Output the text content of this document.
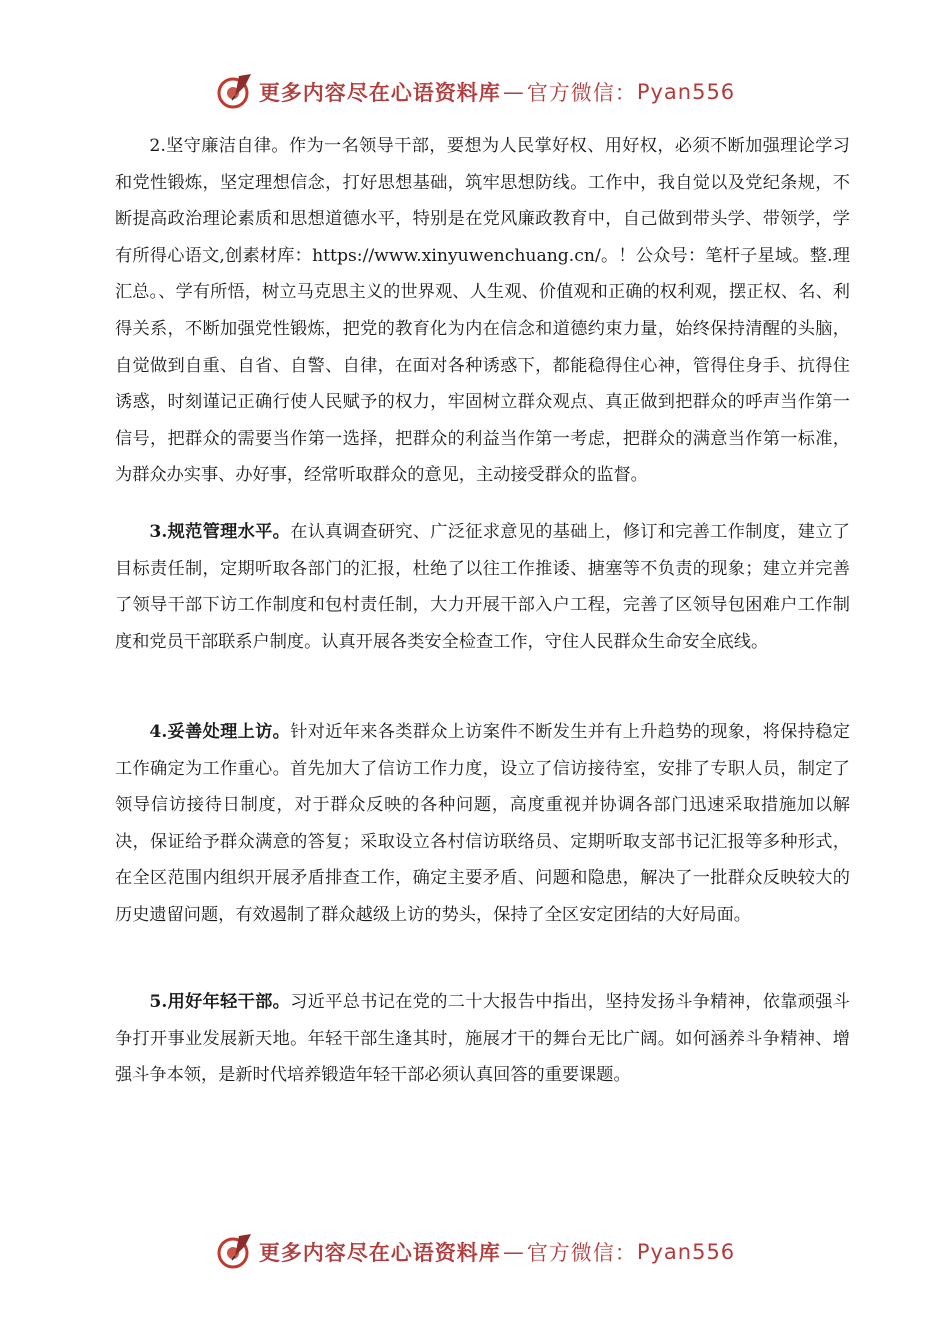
更多内容尽在心语资料库 — 官方微信： Pyan556

2.坚守廉洁自律。作为一名领导干部，要想为人民掌好权、用好权，必须不断加强理论学习和党性锻炼，坚定理想信念，打好思想基础，筑牢思想防线。工作中，我自觉以及党纪条规，不断提高政治理论素质和思想道德水平，特别是在党风廉政教育中，自己做到带头学、带领学，学有所得心语文,创素材库：https://www.xinyuwenchuang.cn/。！公众号：笔杆子星域。整.理汇总。、学有所悟，树立马克思主义的世界观、人生观、价值观和正确的权利观，摆正权、名、利得关系，不断加强党性锻炼，把党的教育化为内在信念和道德约束力量，始终保持清醒的头脑，自觉做到自重、自省、自警、自律，在面对各种诱惑下，都能稳得住心神，管得住身手、抗得住诱惑，时刻谨记正确行使人民赋予的权力，牢固树立群众观点、真正做到把群众的呼声当作第一信号，把群众的需要当作第一选择，把群众的利益当作第一考虑，把群众的满意当作第一标准，为群众办实事、办好事，经常听取群众的意见，主动接受群众的监督。

3.规范管理水平。在认真调查研究、广泛征求意见的基础上，修订和完善工作制度，建立了目标责任制，定期听取各部门的汇报，杜绝了以往工作推诿、搪塞等不负责的现象；建立并完善了领导干部下访工作制度和包村责任制，大力开展干部入户工程，完善了区领导包困难户工作制度和党员干部联系户制度。认真开展各类安全检查工作，守住人民群众生命安全底线。

4.妥善处理上访。针对近年来各类群众上访案件不断发生并有上升趋势的现象，将保持稳定工作确定为工作重心。首先加大了信访工作力度，设立了信访接待室，安排了专职人员，制定了领导信访接待日制度，对于群众反映的各种问题，高度重视并协调各部门迅速采取措施加以解决，保证给予群众满意的答复；采取设立各村信访联络员、定期听取支部书记汇报等多种形式，在全区范围内组织开展矛盾排查工作，确定主要矛盾、问题和隐患，解决了一批群众反映较大的历史遗留问题，有效遏制了群众越级上访的势头，保持了全区安定团结的大好局面。

5.用好年轻干部。习近平总书记在党的二十大报告中指出，坚持发扬斗争精神，依靠顽强斗争打开事业发展新天地。年轻干部生逢其时，施展才干的舞台无比广阔。如何涵养斗争精神、增强斗争本领，是新时代培养锻造年轻干部必须认真回答的重要课题。

更多内容尽在心语资料库 — 官方微信： Pyan556
